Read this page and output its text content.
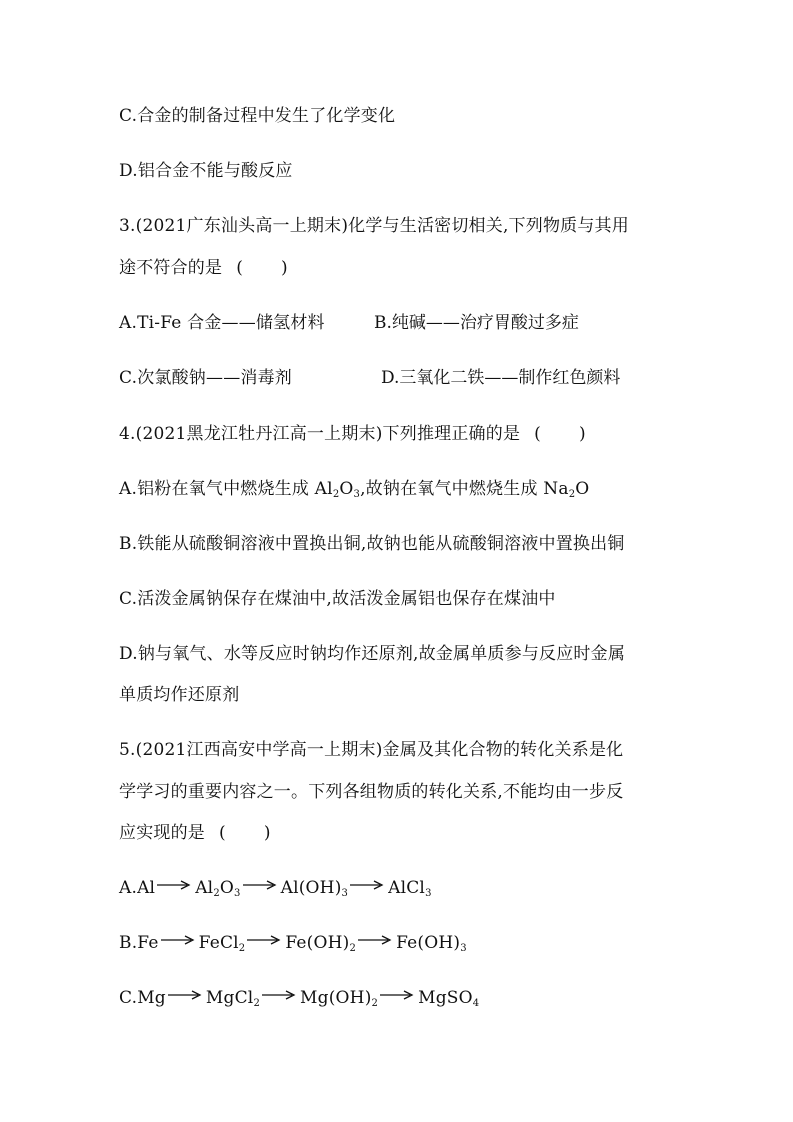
C.合金的制备过程中发生了化学变化
D.铝合金不能与酸反应
3.(2021广东汕头高一上期末)化学与生活密切相关,下列物质与其用
途不符合的是 ( )
A.Ti-Fe 合金——储氢材料	B.纯碱——治疗胃酸过多症
C.次氯酸钠——消毒剂	D.三氧化二铁——制作红色颜料
4.(2021黑龙江牡丹江高一上期末)下列推理正确的是 ( )
A.铝粉在氧气中燃烧生成 $Al_2O_3$,故钠在氧气中燃烧生成 $Na_2O$
B.铁能从硫酸铜溶液中置换出铜,故钠也能从硫酸铜溶液中置换出铜
C.活泼金属钠保存在煤油中,故活泼金属铝也保存在煤油中
D.钠与氧气、水等反应时钠均作还原剂,故金属单质参与反应时金属
单质均作还原剂
5.(2021江西高安中学高一上期末)金属及其化合物的转化关系是化
学学习的重要内容之一。下列各组物质的转化关系,不能均由一步反
应实现的是 ( )
A.Al $Al_2O_3$ $Al(OH)_3$ AlCl$_3$
B.Fe FeCl$_2$ $Fe(OH)_2$ $Fe(OH)_3$
C.Mg MgCl$_2$ $Mg(OH)_2$ MgSO$_4$
